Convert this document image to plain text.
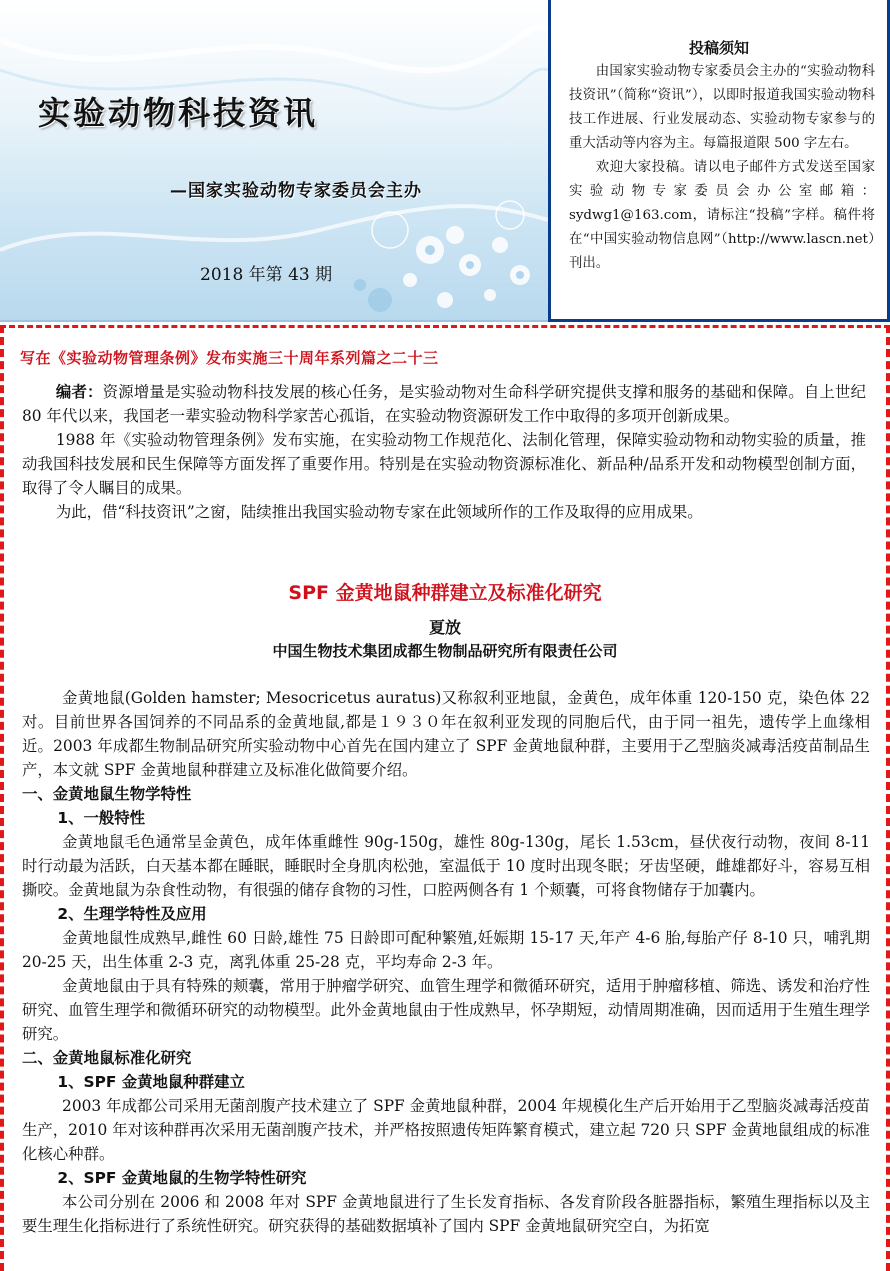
实验动物科技资讯
—国家实验动物专家委员会主办
2018 年第 43 期
投稿须知

由国家实验动物专家委员会主办的“实验动物科技资讯”（简称“资讯”），以即时报道我国实验动物科技工作进展、行业发展动态、实验动物专家参与的重大活动等内容为主。每篇报道限 500 字左右。

欢迎大家投稿。请以电子邮件方式发送至国家实验动物专家委员会办公室邮箱：sydwg1@163.com，请标注“投稿”字样。稿件将在“中国实验动物信息网”（http://www.lascn.net）刊出。

写在《实验动物管理条例》发布实施三十周年系列篇之二十三

编者：资源增量是实验动物科技发展的核心任务，是实验动物对生命科学研究提供支撑和服务的基础和保障。自上世纪 80 年代以来，我国老一辈实验动物科学家苦心孤诣，在实验动物资源研发工作中取得的多项开创新成果。

1988 年《实验动物管理条例》发布实施，在实验动物工作规范化、法制化管理，保障实验动物和动物实验的质量，推动我国科技发展和民生保障等方面发挥了重要作用。特别是在实验动物资源标准化、新品种/品系开发和动物模型创制方面，取得了令人瞩目的成果。

为此，借“科技资讯”之窗，陆续推出我国实验动物专家在此领域所作的工作及取得的应用成果。

SPF 金黄地鼠种群建立及标准化研究
夏放
中国生物技术集团成都生物制品研究所有限责任公司

金黄地鼠(Golden hamster; Mesocricetus auratus)又称叙利亚地鼠，金黄色，成年体重 120-150 克，染色体 22 对。目前世界各国饲养的不同品系的金黄地鼠,都是１９３０年在叙利亚发现的同胞后代，由于同一祖先，遗传学上血缘相近。2003 年成都生物制品研究所实验动物中心首先在国内建立了 SPF 金黄地鼠种群，主要用于乙型脑炎减毒活疫苗制品生产，本文就 SPF 金黄地鼠种群建立及标准化做简要介绍。

一、金黄地鼠生物学特性

1、一般特性

金黄地鼠毛色通常呈金黄色，成年体重雌性 90g-150g，雄性 80g-130g，尾长 1.53cm，昼伏夜行动物，夜间 8-11 时行动最为活跃，白天基本都在睡眠，睡眠时全身肌肉松弛，室温低于 10 度时出现冬眠；牙齿坚硬，雌雄都好斗，容易互相撕咬。金黄地鼠为杂食性动物，有很强的储存食物的习性，口腔两侧各有 1 个颊囊，可将食物储存于加囊内。

2、生理学特性及应用

金黄地鼠性成熟早,雌性 60 日龄,雄性 75 日龄即可配种繁殖,妊娠期 15-17 天,年产 4-6 胎,每胎产仔 8-10 只，哺乳期 20-25 天，出生体重 2-3 克，离乳体重 25-28 克，平均寿命 2-3 年。

金黄地鼠由于具有特殊的颊囊，常用于肿瘤学研究、血管生理学和微循环研究，适用于肿瘤移植、筛选、诱发和治疗性研究、血管生理学和微循环研究的动物模型。此外金黄地鼠由于性成熟早，怀孕期短，动情周期准确，因而适用于生殖生理学研究。

二、金黄地鼠标准化研究

1、SPF 金黄地鼠种群建立

2003 年成都公司采用无菌剖腹产技术建立了 SPF 金黄地鼠种群，2004 年规模化生产后开始用于乙型脑炎减毒活疫苗生产，2010 年对该种群再次采用无菌剖腹产技术，并严格按照遗传矩阵繁育模式，建立起 720 只 SPF 金黄地鼠组成的标准化核心种群。

2、SPF 金黄地鼠的生物学特性研究

本公司分别在 2006 和 2008 年对 SPF 金黄地鼠进行了生长发育指标、各发育阶段各脏器指标，繁殖生理指标以及主要生理生化指标进行了系统性研究。研究获得的基础数据填补了国内 SPF 金黄地鼠研究空白，为拓宽
